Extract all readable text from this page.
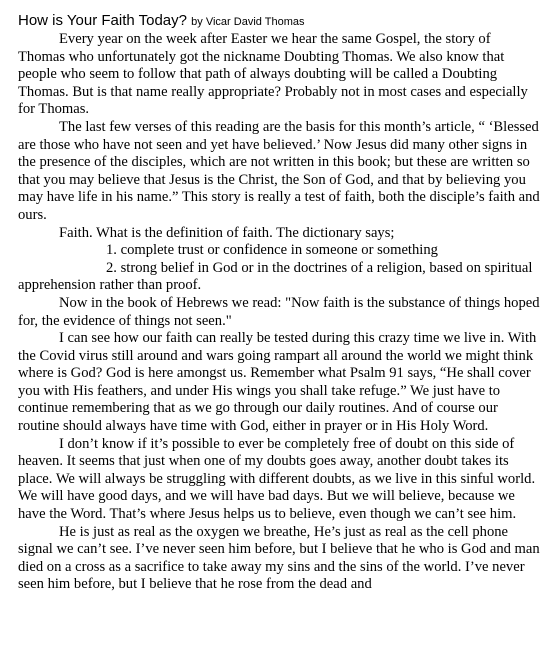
How is Your Faith Today? by Vicar David Thomas

Every year on the week after Easter we hear the same Gospel, the story of Thomas who unfortunately got the nickname Doubting Thomas. We also know that people who seem to follow that path of always doubting will be called a Doubting Thomas. But is that name really appropriate? Probably not in most cases and especially for Thomas.

The last few verses of this reading are the basis for this month’s article, “ ‘Blessed are those who have not seen and yet have believed.’ Now Jesus did many other signs in the presence of the disciples, which are not written in this book; but these are written so that you may believe that Jesus is the Christ, the Son of God, and that by believing you may have life in his name.” This story is really a test of faith, both the disciple’s faith and ours.

Faith. What is the definition of faith. The dictionary says;

1. complete trust or confidence in someone or something

2. strong belief in God or in the doctrines of a religion, based on spiritual apprehension rather than proof.

Now in the book of Hebrews we read: "Now faith is the substance of things hoped for, the evidence of things not seen."

I can see how our faith can really be tested during this crazy time we live in. With the Covid virus still around and wars going rampart all around the world we might think where is God? God is here amongst us. Remember what Psalm 91 says, “He shall cover you with His feathers, and under His wings you shall take refuge.” We just have to continue remembering that as we go through our daily routines. And of course our routine should always have time with God, either in prayer or in His Holy Word.

I don’t know if it’s possible to ever be completely free of doubt on this side of heaven. It seems that just when one of my doubts goes away, another doubt takes its place. We will always be struggling with different doubts, as we live in this sinful world. We will have good days, and we will have bad days. But we will believe, because we have the Word. That’s where Jesus helps us to believe, even though we can’t see him.

He is just as real as the oxygen we breathe, He’s just as real as the cell phone signal we can’t see. I’ve never seen him before, but I believe that he who is God and man died on a cross as a sacrifice to take away my sins and the sins of the world. I’ve never seen him before, but I believe that he rose from the dead and
